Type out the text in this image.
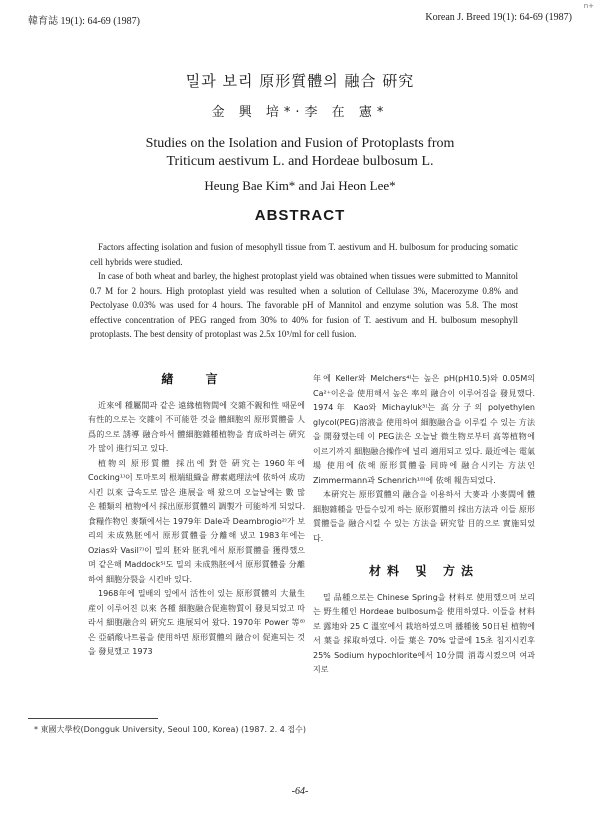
韓育誌 19(1): 64-69 (1987)	Korean J. Breed 19(1): 64-69 (1987)
n+
밀과 보리 原形質體의 融合 硏究
金 興 培*·李 在 憲*
Studies on the Isolation and Fusion of Protoplasts from
Triticum aestivum L. and Hordeae bulbosum L.
Heung Bae Kim* and Jai Heon Lee*
ABSTRACT

Factors affecting isolation and fusion of mesophyll tissue from T. aestivum and H. bulbosum for producing somatic cell hybrids were studied.

In case of both wheat and barley, the highest protoplast yield was obtained when tissues were submitted to Mannitol 0.7 M for 2 hours. High protoplast yield was resulted when a solution of Cellulase 3%, Macerozyme 0.8% and Pectolyase 0.03% was used for 4 hours. The favorable pH of Mannitol and enzyme solution was 5.8. The most effective concentration of PEG ranged from 30% to 40% for fusion of T. aestivum and H. bulbosum mesophyll protoplasts. The best density of protoplast was 2.5x 10⁵/ml for cell fusion.

緖 言

近來에 種屬間과 같은 遠緣植物間에 交雜不親和性 때문에 有性的으로는 交雜이 不可能한 것을 體細胞의 原形質體를 人爲的으로 誘導 融合하서 體細胞雜種植物을 育成하려는 硏究가 많이 進行되고 있다.

植物의 原形質體 採出에 對한 硏究는 1960年에 Cocking¹⁾이 토마토의 根端組織을 酵素處理法에 依하여 成功시킨 以來 급속도로 많은 進展을 해 왔으며 오늘날에는 數 많은 種類의 植物에서 採出原形質體의 調製가 可能하게 되었다. 食糧作物인 麥類에서는 1979年 Dale과 Deambrogio²⁾가 보리의 未成熟胚에서 原形質體를 分離해 냈고 1983年에는 Ozias와 Vasil⁷⁾이 밀의 胚와 胚乳에서 原形質體를 獲得했으며 같은해 Maddock⁵⁾도 밀의 未成熟胚에서 原形質體를 分離하여 細胞分裂을 시킨바 있다.

1968年에 밀배의 잎에서 活性이 있는 原形質體의 大量生産이 이루어진 以來 各種 細胞融合促進物質이 發見되었고 따라서 細胞融合의 硏究도 進展되어 왔다. 1970年 Power 等⁸⁾은 亞硝酸나트륨을 使用하면 原形質體의 融合이 促進되는 것을 發見했고 1973

年에 Keller와 Melchers⁴⁾는 높은 pH(pH10.5)와 0.05M의 Ca²⁺이온을 使用해서 높은 率의 融合이 이루어짐을 發見했다. 1974年 Kao와 Michayluk³⁾는 高分子의 polyethylen glycol(PEG)溶液을 使用하여 細胞融合을 이루킬 수 있는 方法을 開發했는데 이 PEG法은 오늘날 微生物로부터 高等植物에 이르기까지 細胞融合操作에 널리 適用되고 있다. 最近에는 電氣場 使用에 依해 原形質體를 同時에 融合시키는 方法인 Zimmermann과 Schenrich¹⁰⁾에 依해 報告되었다.

本硏究는 原形質體의 融合을 이용하서 大麥과 小麥間에 體細胞雜種을 만들수있게 하는 原形質體의 採出方法과 이들 原形質體들을 融合시킬 수 있는 方法을 硏究할 目的으로 實施되었다.

材料 및 方法

밀 品種으로는 Chinese Spring을 材料로 使用했으며 보리는 野生種인 Hordeae bulbosum을 使用하였다. 이들을 材料로 露地와 25 C 溫室에서 栽培하였으며 播種後 50日된 植物에서 葉을 採取하였다. 이들 葉은 70% 알콜에 15초 침지시킨후 25% Sodium hypochlorite에서 10分間 消毒시켰으며 여과지로

* 東國大學校(Dongguk University, Seoul 100, Korea) (1987. 2. 4 접수)
-64-
